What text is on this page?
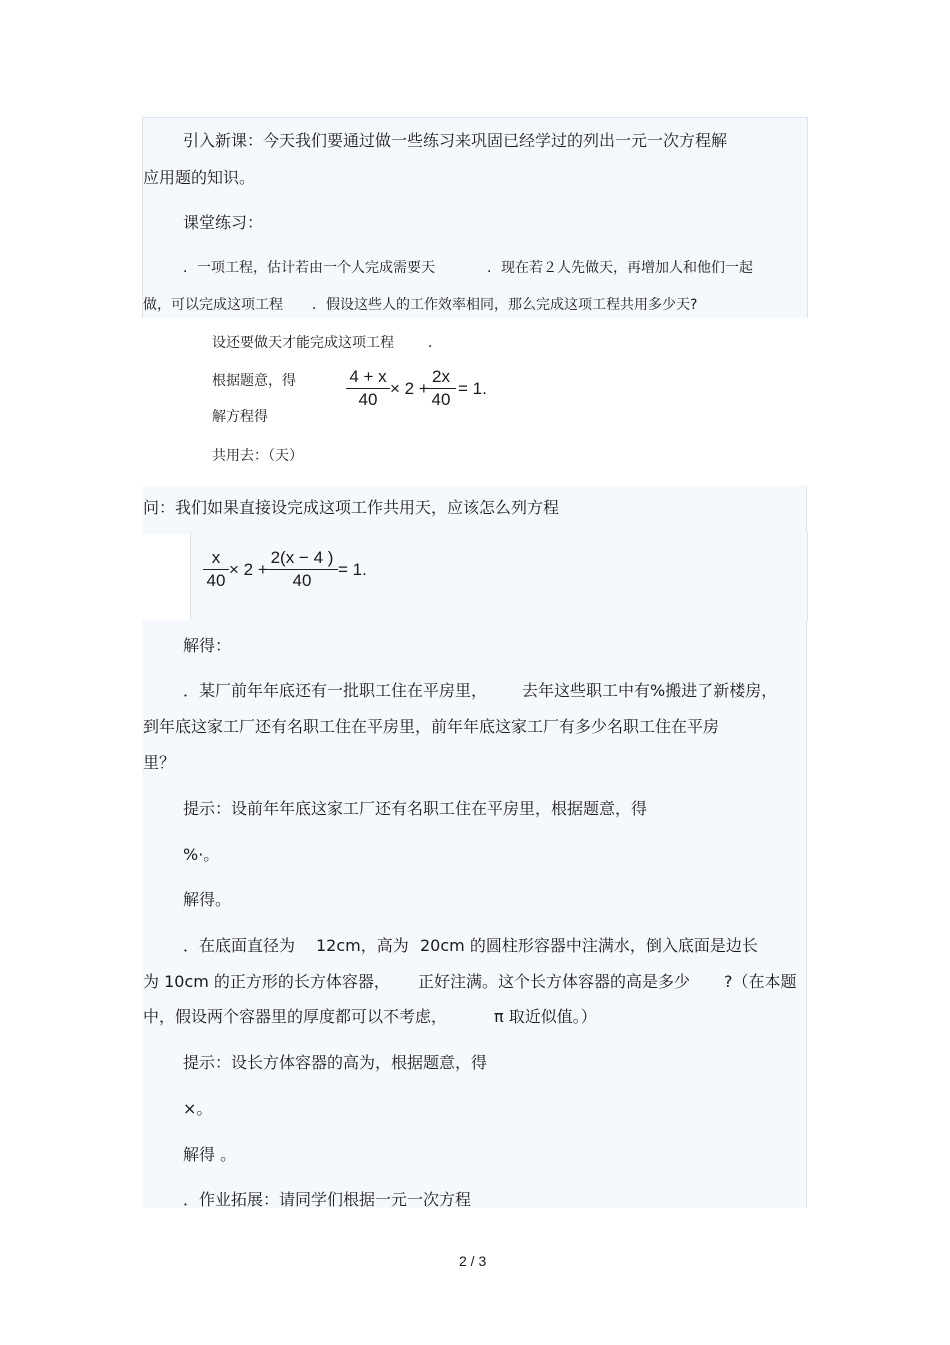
引入新课：今天我们要通过做一些练习来巩固已经学过的列出一元一次方程解
应用题的知识。
课堂练习：
．一项工程，估计若由一个人完成需要天	．现在若２人先做天，再增加人和他们一起
做，可以完成这项工程 ．假设这些人的工作效率相同，那么完成这项工程共用多少天?
设还要做天才能完成这项工程 ．
根据题意，得
解方程得
共用去：（天）
4 + x
40
× 2 +
2x
40
= 1.
问：我们如果直接设完成这项工作共用天，应该怎么列方程
x
40
× 2 +
2(x − 4 )
40
= 1.
解得：
．某厂前年年底还有一批职工住在平房里， 去年这些职工中有%搬进了新楼房，
到年底这家工厂还有名职工住在平房里，前年年底这家工厂有多少名职工住在平房
里？
提示：设前年年底这家工厂还有名职工住在平房里，根据题意，得
%·。
解得。
．在底面直径为 12cm，高为 20cm 的圆柱形容器中注满水，倒入底面是边长
为 10cm 的正方形的长方体容器， 正好注满。这个长方体容器的高是多少 ?（在本题
中，假设两个容器里的厚度都可以不考虑，	π 取近似值。）
提示：设长方体容器的高为，根据题意，得
×。
解得 。
．作业拓展：请同学们根据一元一次方程
2 / 3
